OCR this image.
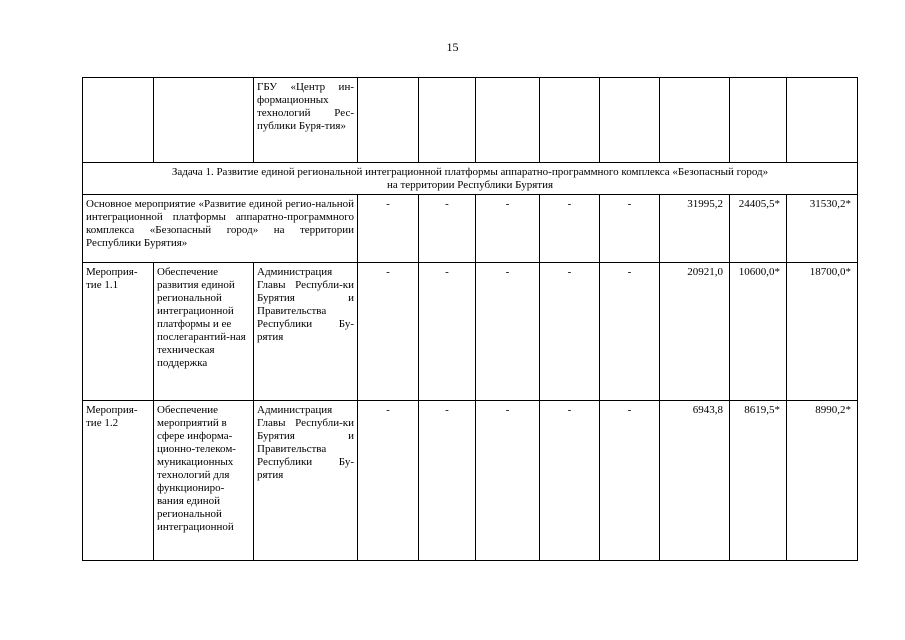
15
		ГБУ «Центр ин-формационных технологий Рес-публики Буря-тия»								

Задача 1. Развитие единой региональной интеграционной платформы аппаратно-программного комплекса «Безопасный город»
на территории Республики Бурятия										

Основное мероприятие «Развитие единой регио-нальной интеграционной платформы аппаратно-программного комплекса «Безопасный город» на территории Республики Бурятия»			-	-	-	-	-	31995,2	24405,5*	31530,2*
Мероприя-тие 1.1	Обеспечение развития единой региональной интеграционной платформы и ее послегарантий-ная техническая поддержка	Администрация Главы Республи-ки Бурятия и Правительства Республики Бу-рятия	-	-	-	-	-	20921,0	10600,0*	18700,0*
Мероприя-тие 1.2	Обеспечение мероприятий в сфере информа-ционно-телеком-муникационных технологий для функциониро-вания единой региональной интеграционной	Администрация Главы Республи-ки Бурятия и Правительства Республики Бу-рятия	-	-	-	-	-	6943,8	8619,5*	8990,2*
